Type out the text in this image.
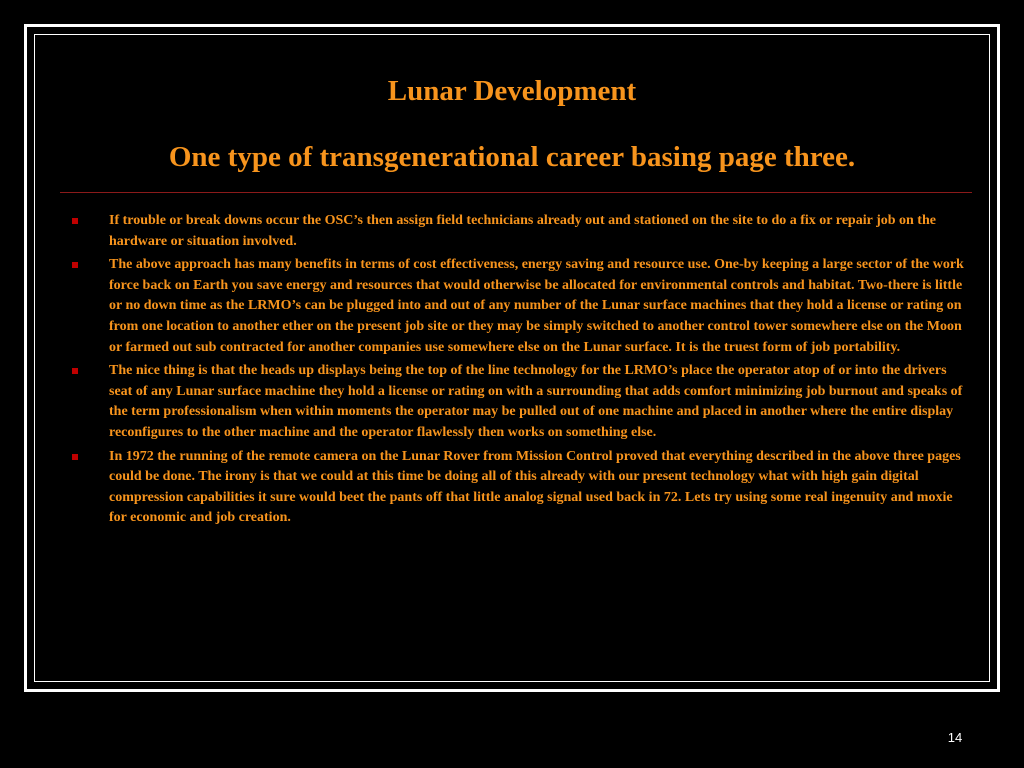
Lunar Development
One type of transgenerational career basing page three.
If trouble or break downs occur the OSC’s then assign field technicians already out and stationed on the site to do a fix or repair job on the hardware or situation involved.
The above approach has many benefits in terms of cost effectiveness, energy saving and resource use. One-by keeping a large sector of the work force back on Earth you save energy and resources that would otherwise be allocated for environmental controls and habitat. Two-there is little or no down time as the LRMO’s can be plugged into and out of any number of the Lunar surface machines that they hold a license or rating on from one location to another ether on the present job site or they may be simply switched to another control tower somewhere else on the Moon or farmed out sub contracted for another companies use somewhere else on the Lunar surface. It is the truest form of job portability.
The nice thing is that the heads up displays being the top of the line technology for the LRMO’s place the operator atop of or into the drivers seat of any Lunar surface machine they hold a license or rating on with a surrounding that adds comfort minimizing job burnout and speaks of the term professionalism when within moments the operator may be pulled out of one machine and placed in another where the entire display reconfigures to the other machine and the operator flawlessly then works on something else.
In 1972 the running of the remote camera on the Lunar Rover from Mission Control proved that everything described in the above three pages could be done. The irony is that we could at this time be doing all of this already with our present technology what with high gain digital compression capabilities it sure would beet the pants off that little analog signal used back in 72. Lets try using some real ingenuity and moxie for economic and job creation.
14
